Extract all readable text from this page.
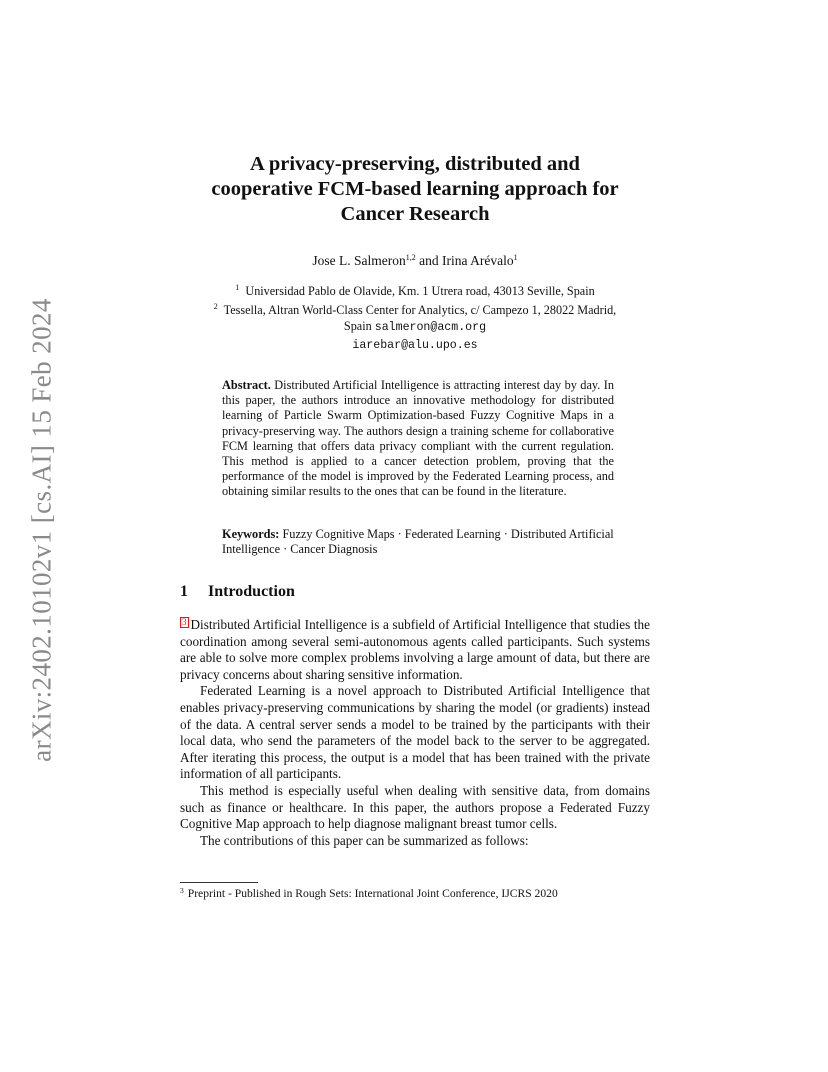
arXiv:2402.10102v1 [cs.AI] 15 Feb 2024
A privacy-preserving, distributed and
cooperative FCM-based learning approach for
Cancer Research
Jose L. Salmeron$^{1,2}$ and Irina Arévalo$^1$
$^1$ Universidad Pablo de Olavide, Km. 1 Utrera road, 43013 Seville, Spain
$^2$ Tessella, Altran World-Class Center for Analytics, c/ Campezo 1, 28022 Madrid,
Spain salmeron@acm.org
iarebar@alu.upo.es

Abstract. Distributed Artificial Intelligence is attracting interest day by day. In this paper, the authors introduce an innovative methodology for distributed learning of Particle Swarm Optimization-based Fuzzy Cognitive Maps in a privacy-preserving way. The authors design a training scheme for collaborative FCM learning that offers data privacy compliant with the current regulation. This method is applied to a cancer detection problem, proving that the performance of the model is improved by the Federated Learning process, and obtaining similar results to the ones that can be found in the literature.

Keywords: Fuzzy Cognitive Maps · Federated Learning · Distributed Artificial Intelligence · Cancer Diagnosis

1 Introduction

3 Distributed Artificial Intelligence is a subfield of Artificial Intelligence that studies the coordination among several semi-autonomous agents called participants. Such systems are able to solve more complex problems involving a large amount of data, but there are privacy concerns about sharing sensitive information.

Federated Learning is a novel approach to Distributed Artificial Intelligence that enables privacy-preserving communications by sharing the model (or gradients) instead of the data. A central server sends a model to be trained by the participants with their local data, who send the parameters of the model back to the server to be aggregated. After iterating this process, the output is a model that has been trained with the private information of all participants.

This method is especially useful when dealing with sensitive data, from domains such as finance or healthcare. In this paper, the authors propose a Federated Fuzzy Cognitive Map approach to help diagnose malignant breast tumor cells.

The contributions of this paper can be summarized as follows:

$^3$ Preprint - Published in Rough Sets: International Joint Conference, IJCRS 2020
